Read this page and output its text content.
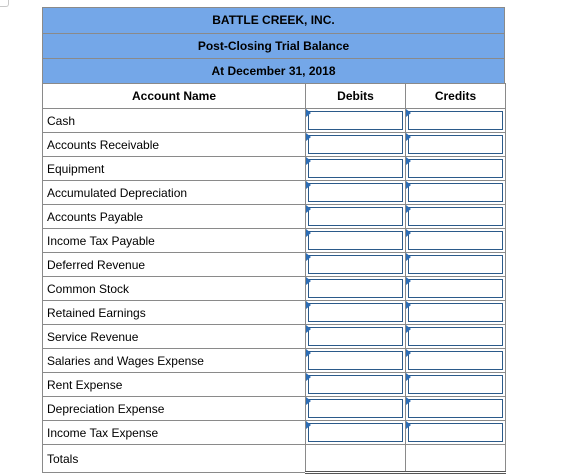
BATTLE CREEK, INC.
Post-Closing Trial Balance
At December 31, 2018
Account Name	Debits	Credits
Cash	

Accounts Receivable	

Equipment	

Accumulated Depreciation	

Accounts Payable	

Income Tax Payable	

Deferred Revenue	

Common Stock	

Retained Earnings	

Service Revenue	

Salaries and Wages Expense	

Rent Expense	

Depreciation Expense	

Income Tax Expense	

Totals		
